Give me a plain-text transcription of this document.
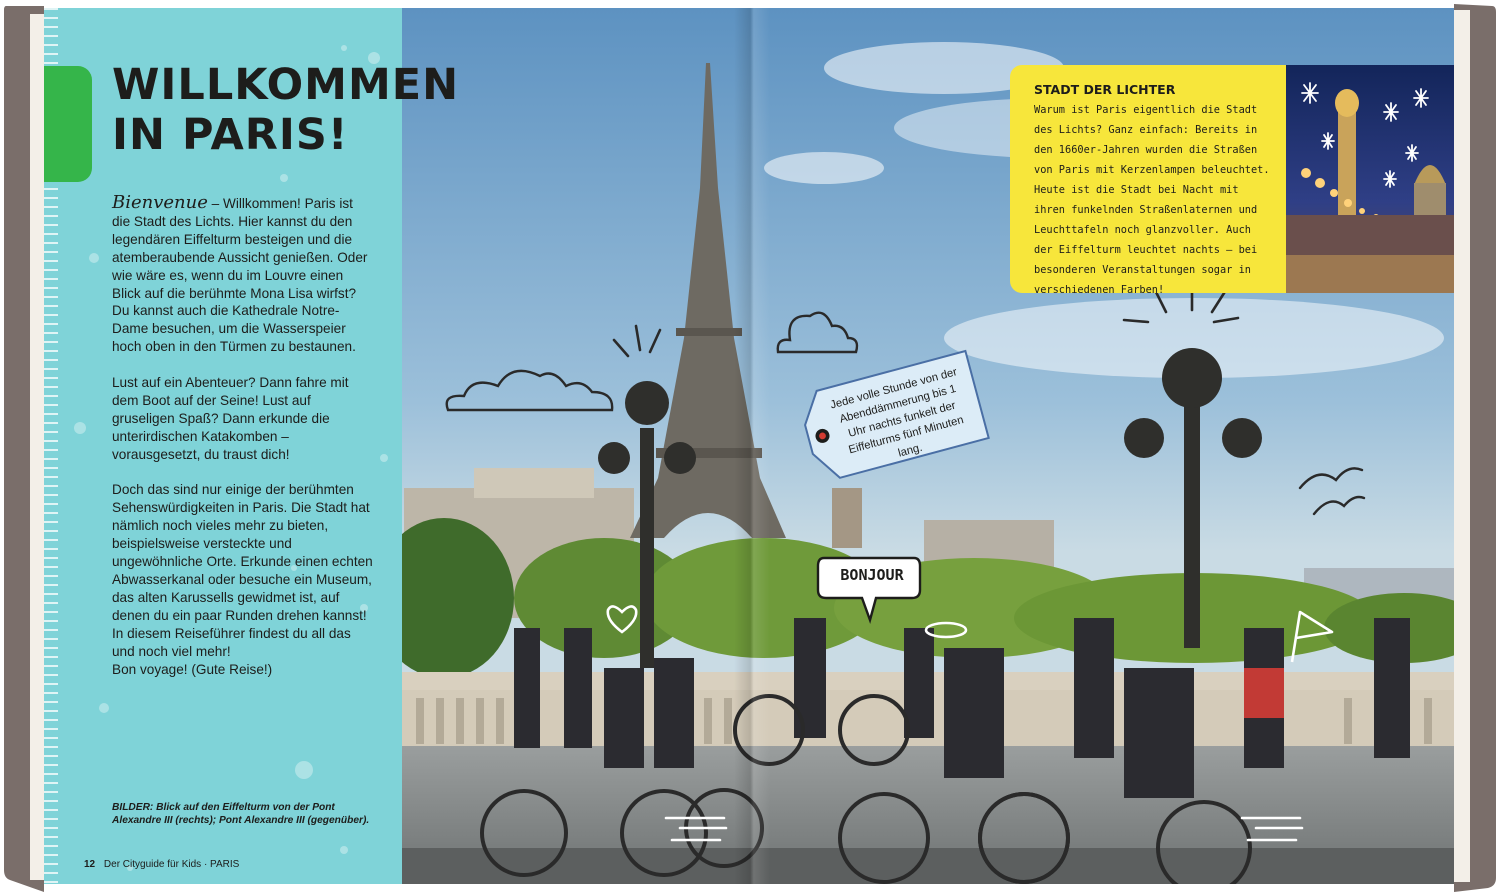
WILLKOMMEN
IN PARIS!

Bienvenue – Willkommen! Paris ist die Stadt des Lichts. Hier kannst du den legendären Eiffelturm besteigen und die atemberaubende Aussicht genießen. Oder wie wäre es, wenn du im Louvre einen Blick auf die berühmte Mona Lisa wirfst? Du kannst auch die Kathedrale Notre-Dame besuchen, um die Wasserspeier hoch oben in den Türmen zu bestaunen.

Lust auf ein Abenteuer? Dann fahre mit dem Boot auf der Seine! Lust auf gruseligen Spaß? Dann erkunde die unterirdischen Katakomben – vorausgesetzt, du traust dich!

Doch das sind nur einige der berühmten Sehenswürdigkeiten in Paris. Die Stadt hat nämlich noch vieles mehr zu bieten, beispielsweise versteckte und ungewöhnliche Orte. Erkunde einen echten Abwasserkanal oder besuche ein Museum, das alten Karussells gewidmet ist, auf denen du ein paar Runden drehen kannst! In diesem Reiseführer findest du all das und noch viel mehr!

Bon voyage! (Gute Reise!)

BILDER: Blick auf den Eiffelturm von der Pont Alexandre III (rechts); Pont Alexandre III (gegenüber).
12 Der Cityguide für Kids · PARIS
BONJOUR
Jede volle Stunde von der Abenddämmerung bis 1 Uhr nachts funkelt der Eiffelturms fünf Minuten lang.
STADT DER LICHTER
Warum ist Paris eigentlich die Stadt des Lichts? Ganz einfach: Bereits in den 1660er-Jahren wurden die Straßen von Paris mit Kerzenlampen beleuchtet. Heute ist die Stadt bei Nacht mit ihren funkelnden Straßenlaternen und Leuchttafeln noch glanzvoller. Auch der Eiffelturm leuchtet nachts – bei besonderen Veranstaltungen sogar in verschiedenen Farben!
